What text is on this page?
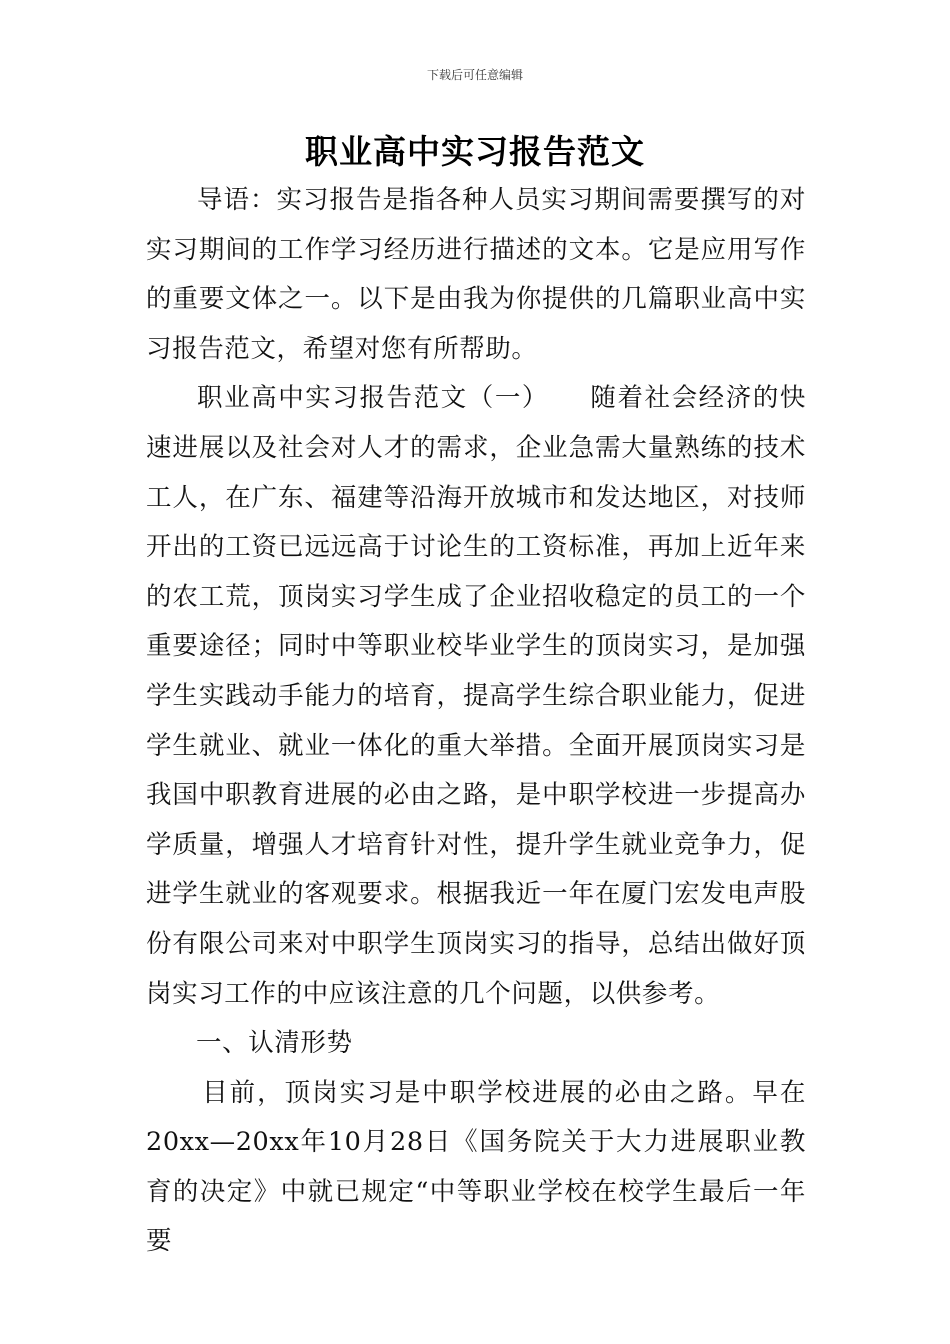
下载后可任意编辑
职业高中实习报告范文

导语：实习报告是指各种人员实习期间需要撰写的对实习期间的工作学习经历进行描述的文本。它是应用写作的重要文体之一。以下是由我为你提供的几篇职业高中实习报告范文，希望对您有所帮助。

职业高中实习报告范文（一）　　随着社会经济的快速进展以及社会对人才的需求，企业急需大量熟练的技术工人，在广东、福建等沿海开放城市和发达地区，对技师开出的工资已远远高于讨论生的工资标准，再加上近年来的农工荒，顶岗实习学生成了企业招收稳定的员工的一个重要途径；同时中等职业校毕业学生的顶岗实习，是加强学生实践动手能力的培育，提高学生综合职业能力，促进学生就业、就业一体化的重大举措。全面开展顶岗实习是我国中职教育进展的必由之路，是中职学校进一步提高办学质量，增强人才培育针对性，提升学生就业竞争力，促进学生就业的客观要求。根据我近一年在厦门宏发电声股份有限公司来对中职学生顶岗实习的指导，总结出做好顶岗实习工作的中应该注意的几个问题，以供参考。

一、认清形势

目前，顶岗实习是中职学校进展的必由之路。早在20xx—20xx年10月28日《国务院关于大力进展职业教育的决定》中就已规定“中等职业学校在校学生最后一年要
